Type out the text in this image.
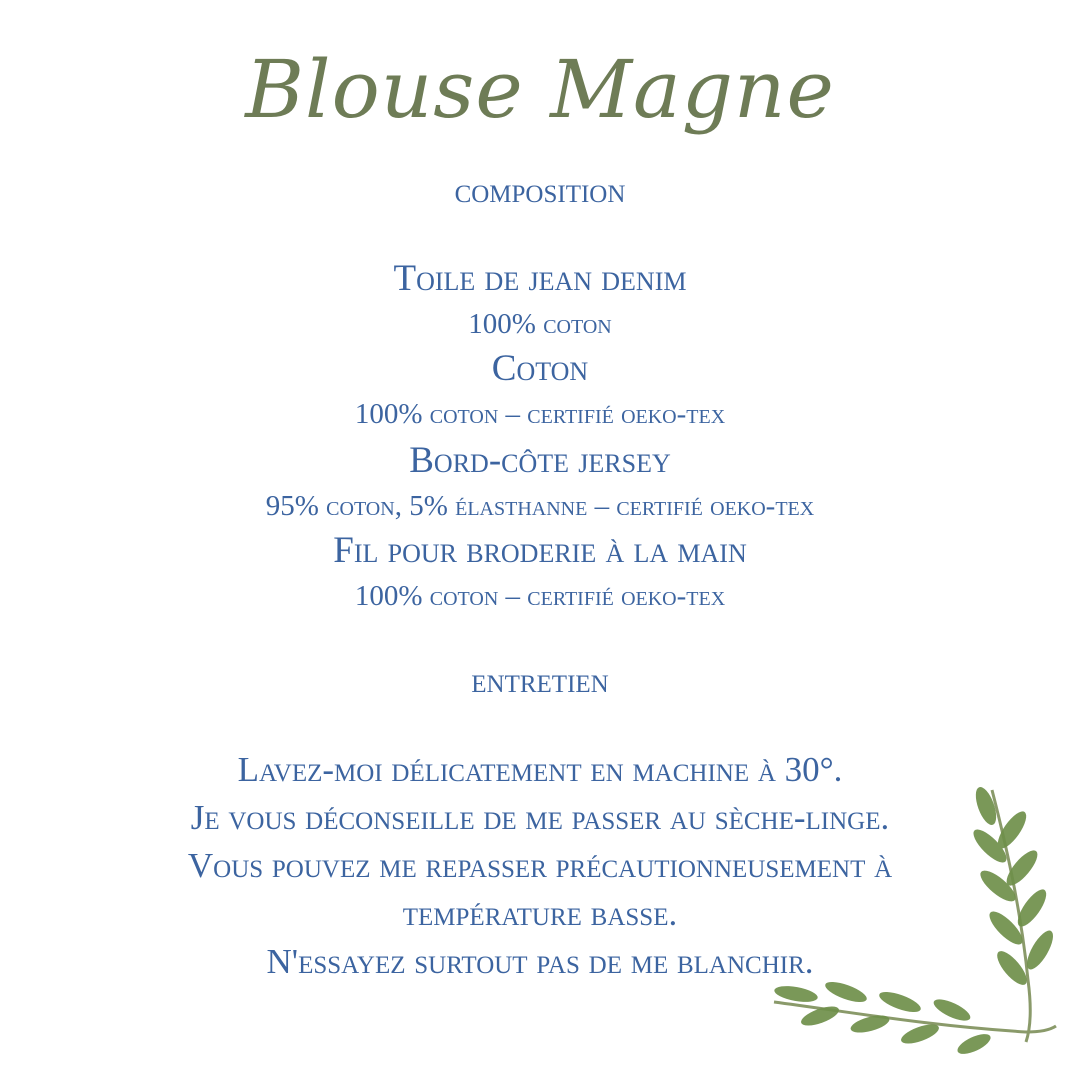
Blouse Magne

composition

Toile de jean denim

100% coton

Coton

100% coton – certifié oeko-tex

Bord-côte jersey

95% coton, 5% élasthanne – certifié oeko-tex

Fil pour broderie à la main

100% coton – certifié oeko-tex

entretien

Lavez-moi délicatement en machine à 30°.

Je vous déconseille de me passer au sèche-linge.

Vous pouvez me repasser précautionneusement à

température basse.

N'essayez surtout pas de me blanchir.
